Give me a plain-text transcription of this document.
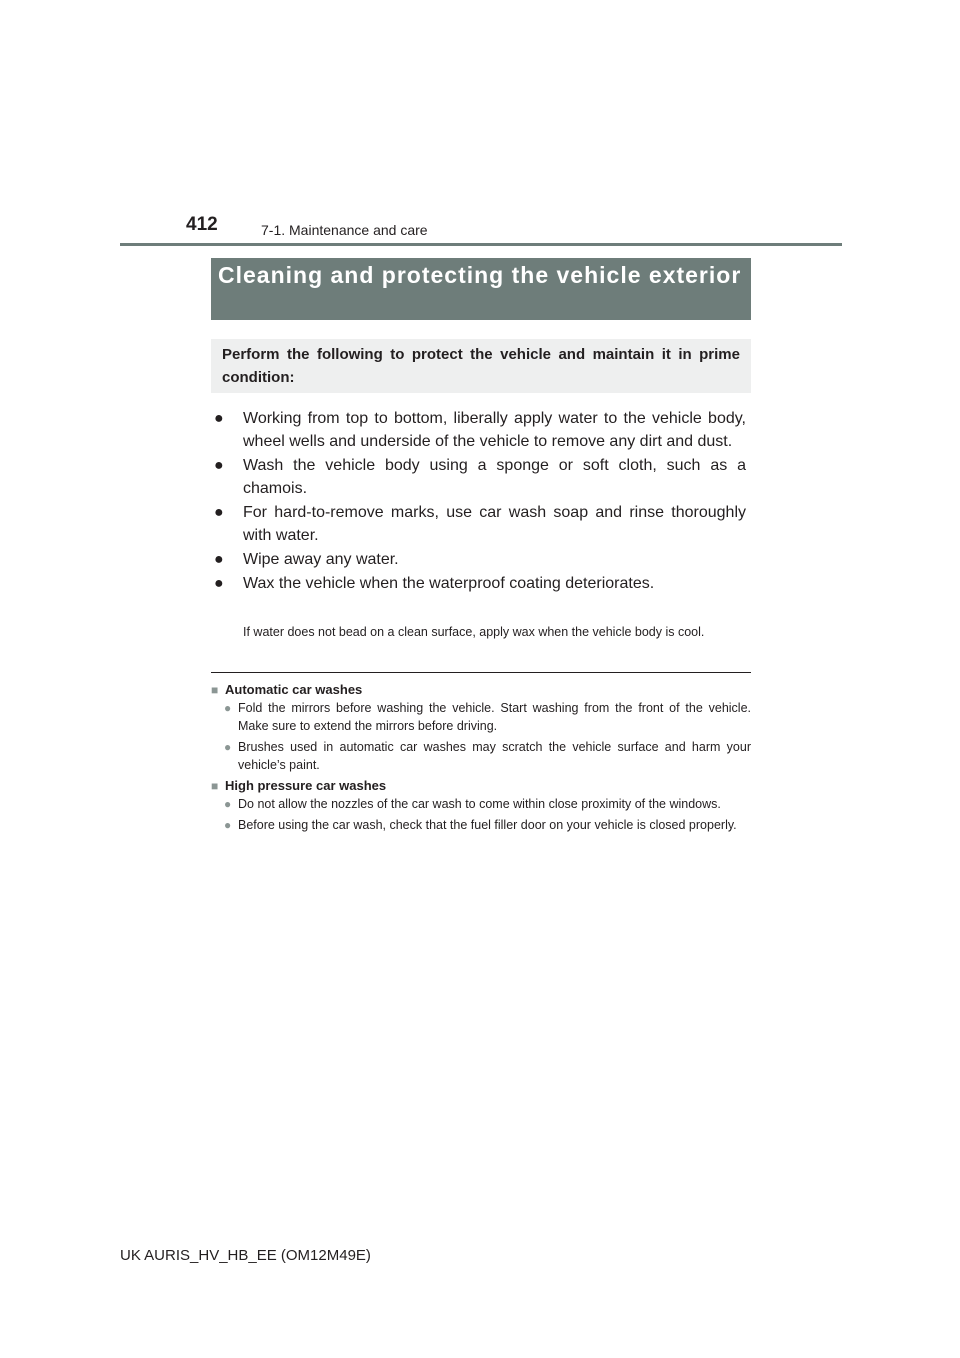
412	7-1. Maintenance and care
Cleaning and protecting the vehicle exterior
Perform the following to protect the vehicle and maintain it in prime condition:
●	Working from top to bottom, liberally apply water to the vehicle body, wheel wells and underside of the vehicle to remove any dirt and dust.
●	Wash the vehicle body using a sponge or soft cloth, such as a chamois.
●	For hard-to-remove marks, use car wash soap and rinse thoroughly with water.
●	Wipe away any water.
●	Wax the vehicle when the waterproof coating deteriorates.
If water does not bead on a clean surface, apply wax when the vehicle body is cool.
■ Automatic car washes
● Fold the mirrors before washing the vehicle. Start washing from the front of the vehicle. Make sure to extend the mirrors before driving.
● Brushes used in automatic car washes may scratch the vehicle surface and harm your vehicle’s paint.
■ High pressure car washes
● Do not allow the nozzles of the car wash to come within close proximity of the windows.
● Before using the car wash, check that the fuel filler door on your vehicle is closed properly.
UK AURIS_HV_HB_EE (OM12M49E)
